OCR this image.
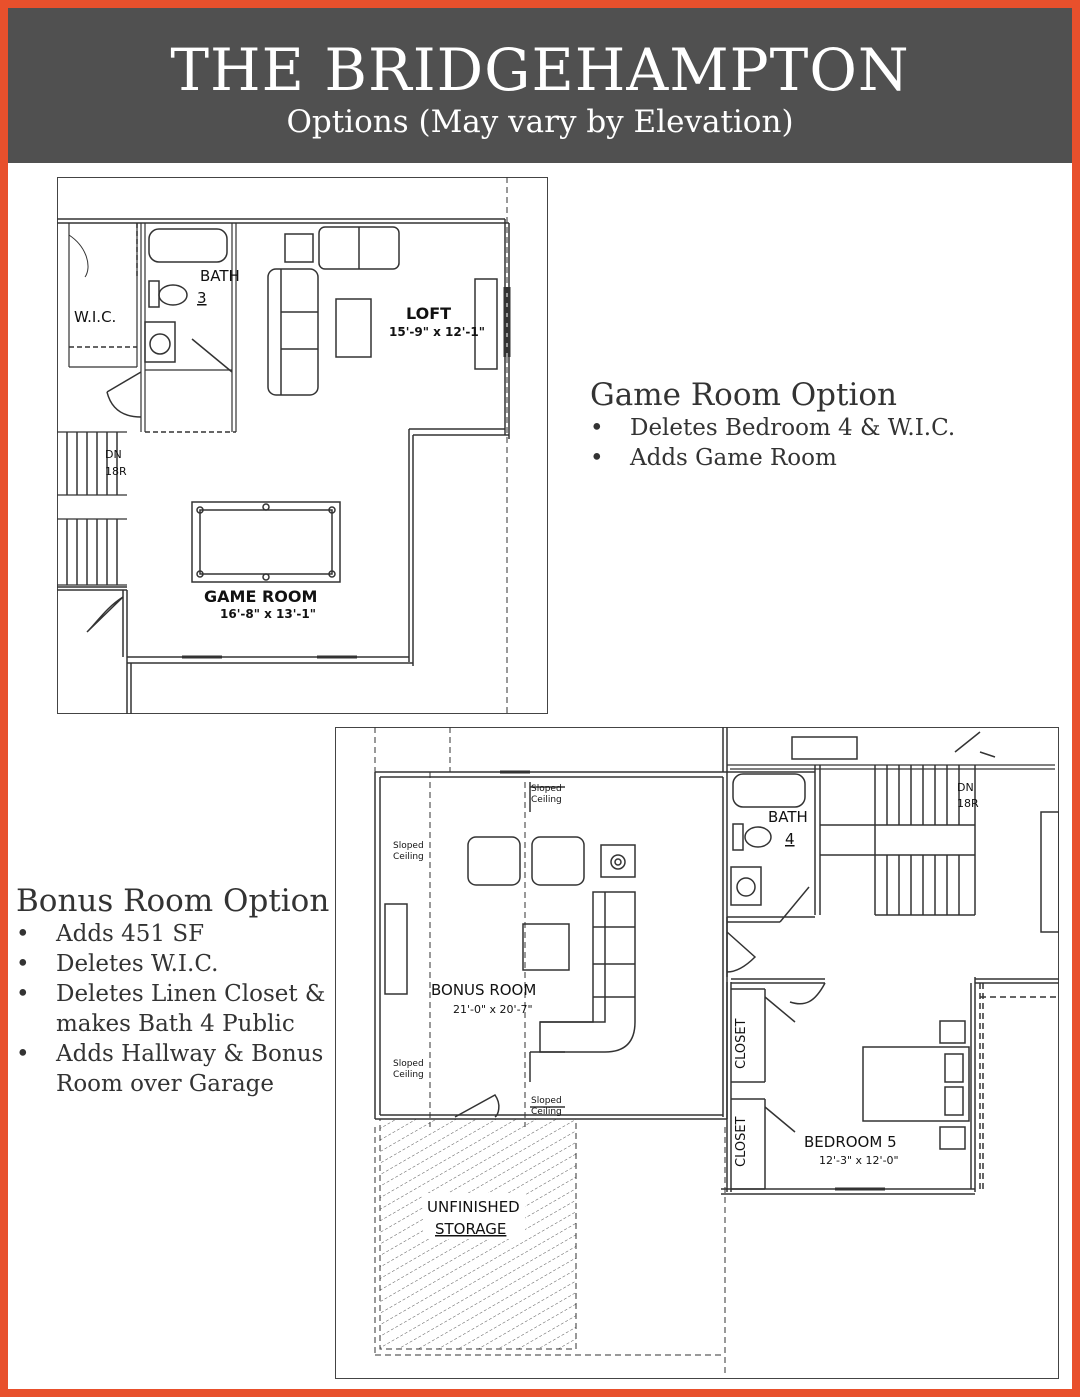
THE BRIDGEHAMPTON
Options (May vary by Elevation)
BATH
3
W.I.C.	LOFT
15'-9" x 12'-1"
DN
18R
GAME ROOM
16'-8" x 13'-1"
Sloped
Ceiling
Sloped
Ceiling
Sloped
Ceiling
Sloped
Ceiling
BATH
4
DN
18R
BONUS ROOM
21'-0" x 20'-7"
CLOSET
CLOSET	BEDROOM 5
12'-3" x 12'-0"
UNFINISHED
STORAGE
Game Room Option
• Deletes Bedroom 4 & W.I.C.
• Adds Game Room
Bonus Room Option
• Adds 451 SF
• Deletes W.I.C.
• Deletes Linen Closet & makes Bath 4 Public
• Adds Hallway & Bonus Room over Garage
